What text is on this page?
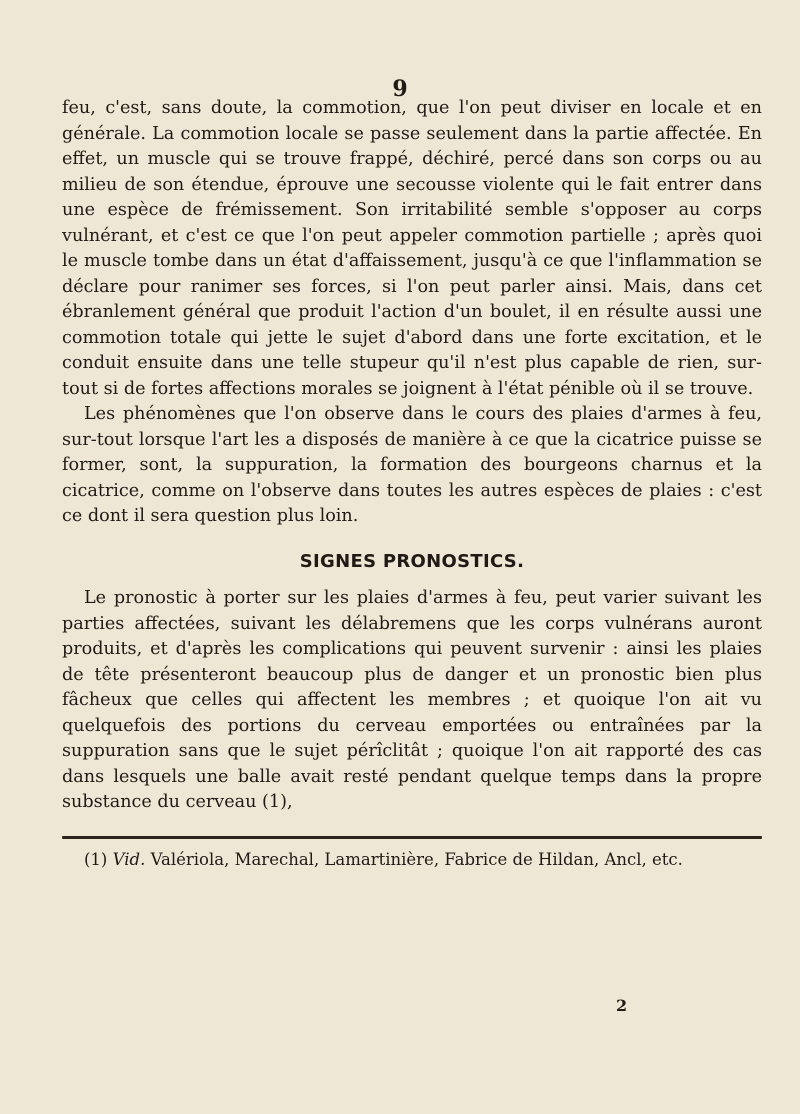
9

feu, c'est, sans doute, la commotion, que l'on peut diviser en locale et en générale. La commotion locale se passe seulement dans la partie affectée. En effet, un muscle qui se trouve frappé, déchiré, percé dans son corps ou au milieu de son étendue, éprouve une secousse violente qui le fait entrer dans une espèce de frémissement. Son irritabilité semble s'opposer au corps vulnérant, et c'est ce que l'on peut appeler commotion partielle ; après quoi le muscle tombe dans un état d'affaissement, jusqu'à ce que l'inflammation se déclare pour ranimer ses forces, si l'on peut parler ainsi. Mais, dans cet ébranlement général que produit l'action d'un boulet, il en résulte aussi une commotion totale qui jette le sujet d'abord dans une forte excitation, et le conduit ensuite dans une telle stupeur qu'il n'est plus capable de rien, sur-tout si de fortes affections morales se joignent à l'état pénible où il se trouve.

Les phénomènes que l'on observe dans le cours des plaies d'armes à feu, sur-tout lorsque l'art les a disposés de manière à ce que la cicatrice puisse se former, sont, la suppuration, la formation des bourgeons charnus et la cicatrice, comme on l'observe dans toutes les autres espèces de plaies : c'est ce dont il sera question plus loin.

SIGNES PRONOSTICS.

Le pronostic à porter sur les plaies d'armes à feu, peut varier suivant les parties affectées, suivant les délabremens que les corps vulnérans auront produits, et d'après les complications qui peuvent survenir : ainsi les plaies de tête présenteront beaucoup plus de danger et un pronostic bien plus fâcheux que celles qui affectent les membres ; et quoique l'on ait vu quelquefois des portions du cerveau emportées ou entraînées par la suppuration sans que le sujet pérîclitât ; quoique l'on ait rapporté des cas dans lesquels une balle avait resté pendant quelque temps dans la propre substance du cerveau (1),

(1) Vid. Valériola, Marechal, Lamartinière, Fabrice de Hildan, Ancl, etc.

2
